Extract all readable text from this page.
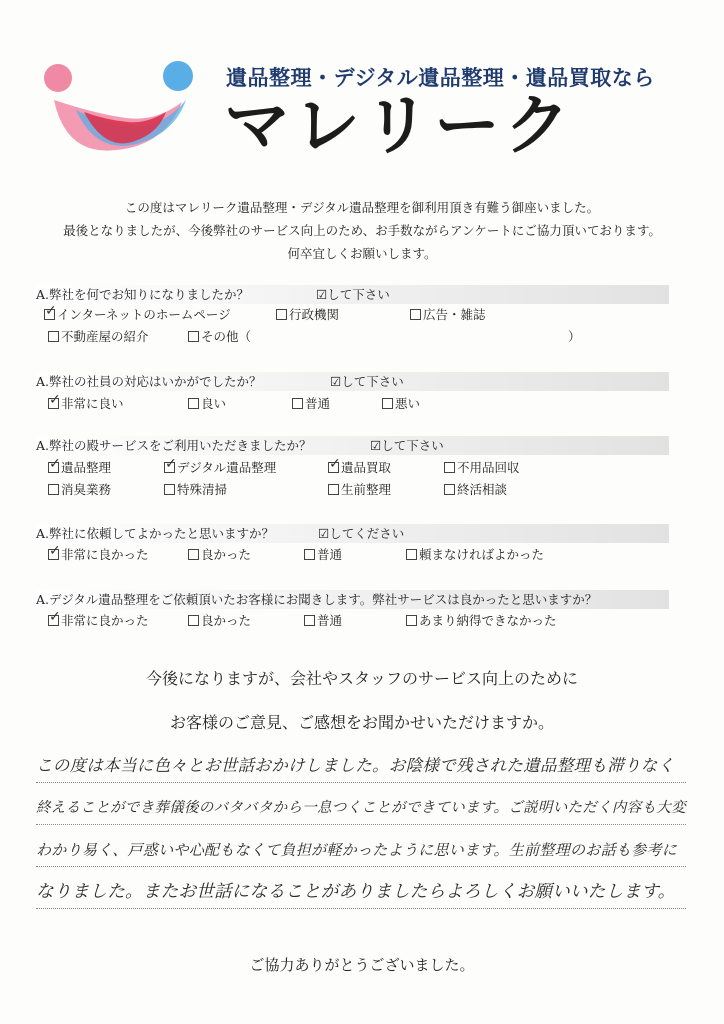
遺品整理・デジタル遺品整理・遺品買取なら
マレリーク
この度はマレリーク遺品整理・デジタル遺品整理を御利用頂き有難う御座いました。
最後となりましたが、今後弊社のサービス向上のため、お手数ながらアンケートにご協力頂いております。
何卒宜しくお願いします。
A.弊社を何でお知りになりましたか？	☑して下さい
✓インターネットのホームページ	行政機関	広告・雑誌
不動産屋の紹介	その他（	）
A.弊社の社員の対応はいかがでしたか？	☑して下さい
✓非常に良い	良い	普通	悪い
A.弊社の殿サービスをご利用いただきましたか？	☑して下さい
✓遺品整理 ✓	デジタル遺品整理 ✓	遺品買取	不用品回収
消臭業務	特殊清掃	生前整理	終活相談
A.弊社に依頼してよかったと思いますか？	☑してください
✓非常に良かった	良かった	普通	頼まなければよかった
A.デジタル遺品整理をご依頼頂いたお客様にお聞きします。弊社サービスは良かったと思いますか？
✓非常に良かった	良かった	普通	あまり納得できなかった
今後になりますが、会社やスタッフのサービス向上のために
お客様のご意見、ご感想をお聞かせいただけますか。
この度は本当に色々とお世話おかけしました。お陰様で残された遺品整理も滞りなく
終えることができ葬儀後のバタバタから一息つくことができています。ご説明いただく内容も大変
わかり易く、戸惑いや心配もなくて負担が軽かったように思います。生前整理のお話も参考に
なりました。またお世話になることがありましたらよろしくお願いいたします。
ご協力ありがとうございました。
